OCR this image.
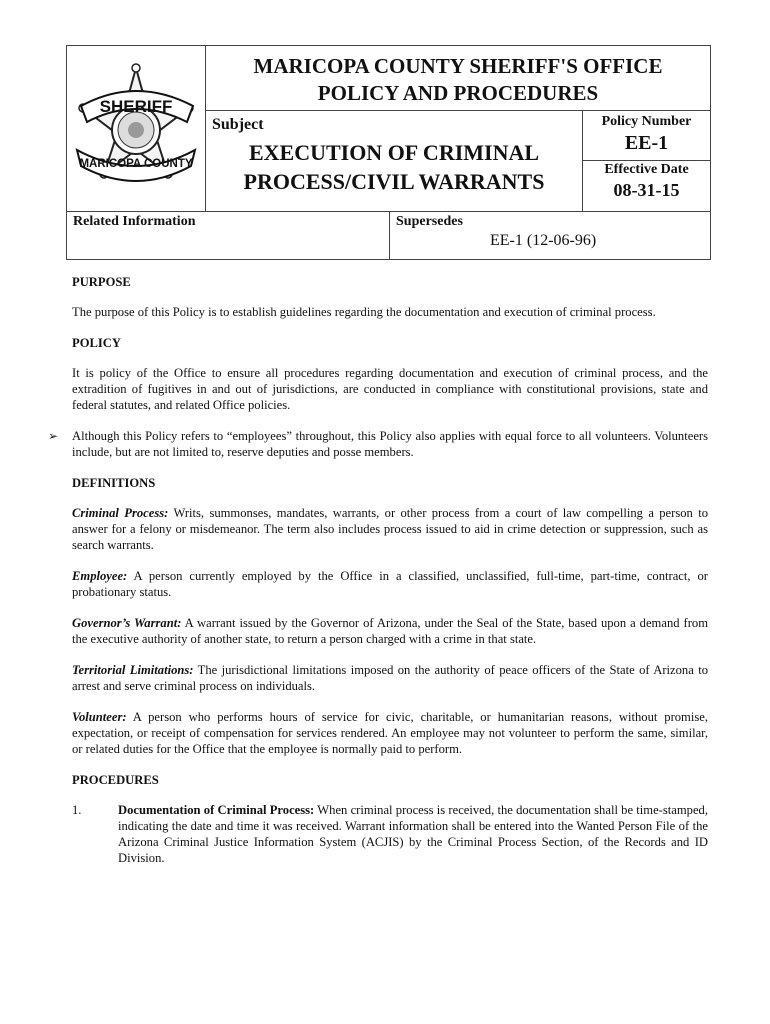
SHERIFF
MARICOPA COUNTY
MARICOPA COUNTY SHERIFF'S OFFICE
POLICY AND PROCEDURES
Subject
EXECUTION OF CRIMINAL
PROCESS/CIVIL WARRANTS
Policy Number
EE-1
Effective Date
08-31-15
Related Information	Supersedes
EE-1 (12-06-96)
PURPOSE

The purpose of this Policy is to establish guidelines regarding the documentation and execution of criminal process.

POLICY

It is policy of the Office to ensure all procedures regarding documentation and execution of criminal process, and the extradition of fugitives in and out of jurisdictions, are conducted in compliance with constitutional provisions, state and federal statutes, and related Office policies.

➢ Although this Policy refers to “employees” throughout, this Policy also applies with equal force to all volunteers. Volunteers include, but are not limited to, reserve deputies and posse members.

DEFINITIONS

Criminal Process: Writs, summonses, mandates, warrants, or other process from a court of law compelling a person to answer for a felony or misdemeanor. The term also includes process issued to aid in crime detection or suppression, such as search warrants.

Employee: A person currently employed by the Office in a classified, unclassified, full-time, part-time, contract, or probationary status.

Governor’s Warrant: A warrant issued by the Governor of Arizona, under the Seal of the State, based upon a demand from the executive authority of another state, to return a person charged with a crime in that state.

Territorial Limitations: The jurisdictional limitations imposed on the authority of peace officers of the State of Arizona to arrest and serve criminal process on individuals.

Volunteer: A person who performs hours of service for civic, charitable, or humanitarian reasons, without promise, expectation, or receipt of compensation for services rendered. An employee may not volunteer to perform the same, similar, or related duties for the Office that the employee is normally paid to perform.

PROCEDURES

1.	Documentation of Criminal Process: When criminal process is received, the documentation shall be time-stamped, indicating the date and time it was received. Warrant information shall be entered into the Wanted Person File of the Arizona Criminal Justice Information System (ACJIS) by the Criminal Process Section, of the Records and ID Division.
